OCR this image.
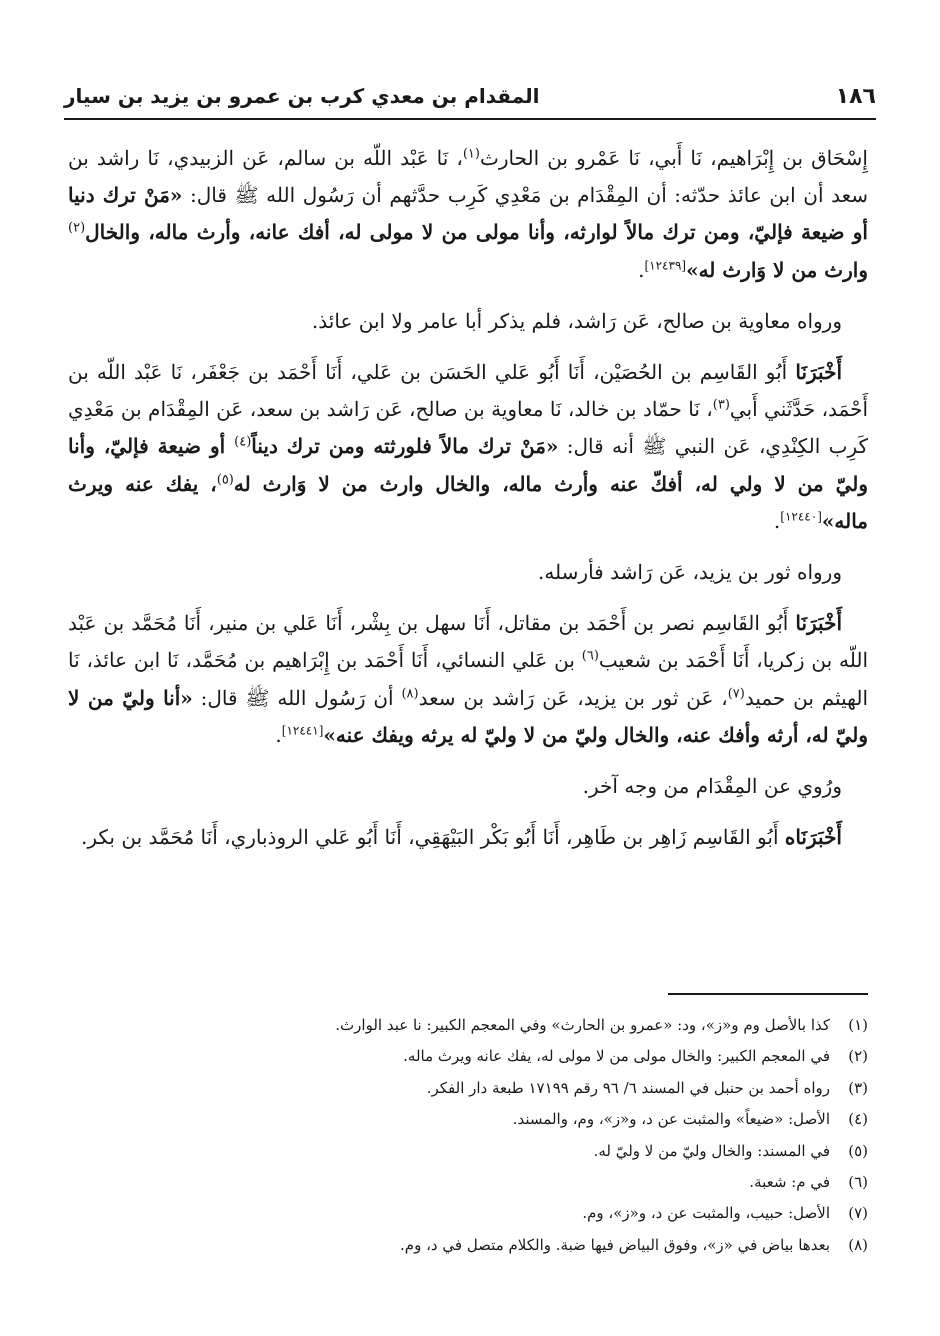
١٨٦
المقدام بن معدي كرب بن عمرو بن يزيد بن سيار

إِسْحَاق بن إِبْرَاهيم، نَا أَبي، نَا عَمْرو بن الحارث$^{(١)}$، نَا عَبْد اللّه بن سالم، عَن الزبيدي، نَا راشد بن سعد أن ابن عائذ حدّثه: أن المِقْدَام بن مَعْدِي كَرِب حدَّثهم أن رَسُول الله ﷺ قال: «مَنْ ترك دنيا أو ضيعة فإليّ، ومن ترك مالاً لوارثه، وأنا مولى من لا مولى له، أفك عانه، وأرث ماله، والخال$^{(٢)}$ وارث من لا وَارث له»[١٢٤٣٩].

ورواه معاوية بن صالح، عَن رَاشد، فلم يذكر أبا عامر ولا ابن عائذ.

أَخْبَرَنَا أَبُو القَاسِم بن الحُصَيْن، أَنَا أَبُو عَلي الحَسَن بن عَلي، أَنَا أَحْمَد بن جَعْفَر، نَا عَبْد اللّه بن أَحْمَد، حَدَّثَني أَبي$^{(٣)}$، نَا حمّاد بن خالد، نَا معاوية بن صالح، عَن رَاشد بن سعد، عَن المِقْدَام بن مَعْدِي كَرِب الكِنْدِي، عَن النبي ﷺ أنه قال: «مَنْ ترك مالاً فلورثته ومن ترك ديناً$^{(٤)}$ أو ضيعة فإليّ، وأنا وليّ من لا ولي له، أفكّ عنه وأرث ماله، والخال وارث من لا وَارث له$^{(٥)}$، يفك عنه ويرث ماله»[١٢٤٤٠].

ورواه ثور بن يزيد، عَن رَاشد فأرسله.

أَخْبَرَنَا أَبُو القَاسِم نصر بن أَحْمَد بن مقاتل، أَنَا سهل بن بِشْر، أَنَا عَلي بن منير، أَنَا مُحَمَّد بن عَبْد اللّه بن زكريا، أَنَا أَحْمَد بن شعيب$^{(٦)}$ بن عَلي النسائي، أَنَا أَحْمَد بن إِبْرَاهيم بن مُحَمَّد، نَا ابن عائذ، نَا الهيثم بن حميد$^{(٧)}$، عَن ثور بن يزيد، عَن رَاشد بن سعد$^{(٨)}$ أن رَسُول الله ﷺ قال: «أنا وليّ من لا وليّ له، أرثه وأفك عنه، والخال وليّ من لا وليّ له يرثه ويفك عنه»[١٢٤٤١].

ورُوي عن المِقْدَام من وجه آخر.

أَخْبَرَنَاه أَبُو القَاسِم زَاهِر بن طَاهِر، أَنَا أَبُو بَكْر البَيْهَقِي، أَنَا أَبُو عَلي الروذباري، أَنَا مُحَمَّد بن بكر.

(١)
كذا بالأصل وم و«ز»، ود: «عمرو بن الحارث» وفي المعجم الكبير: نا عبد الوارث.
(٢)
في المعجم الكبير: والخال مولى من لا مولى له، يفك عانه ويرث ماله.
(٣)
رواه أحمد بن حنبل في المسند ٦/ ٩٦ رقم ١٧١٩٩ طبعة دار الفكر.
(٤)
الأصل: «ضيعاً» والمثبت عن د، و«ز»، وم، والمسند.
(٥)
في المسند: والخال وليّ من لا وليّ له.
(٦)
في م: شعبة.
(٧)
الأصل: حبيب، والمثبت عن د، و«ز»، وم.
(٨)
بعدها بياض في «ز»، وفوق البياض فيها ضبة. والكلام متصل في د، وم.
